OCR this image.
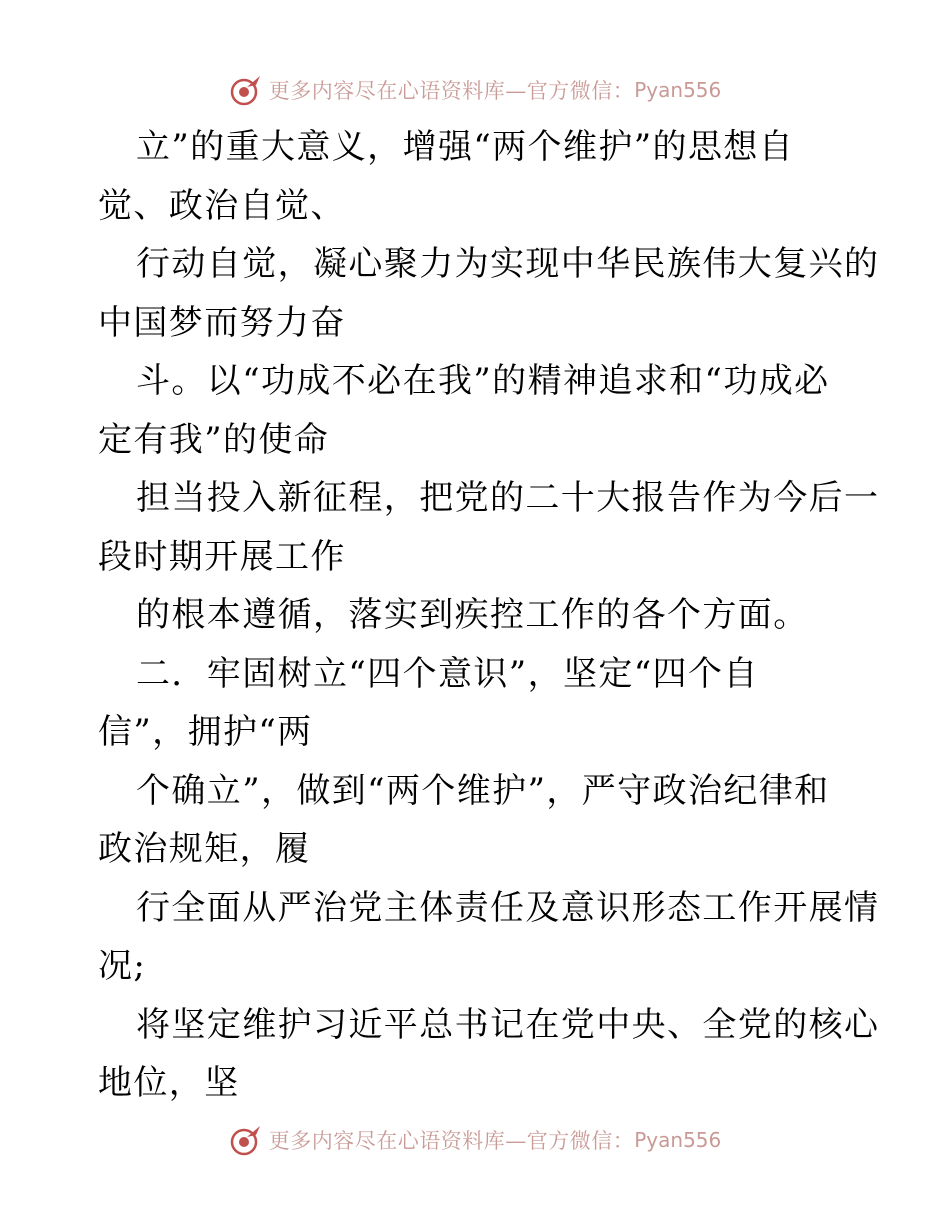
更多内容尽在心语资料库—官方微信： Pyan556
立”的重大意义，增强“两个维护”的思想自
觉、政治自觉、
行动自觉，凝心聚力为实现中华民族伟大复兴的
中国梦而努力奋
斗。以“功成不必在我”的精神追求和“功成必
定有我”的使命
担当投入新征程，把党的二十大报告作为今后一
段时期开展工作
的根本遵循，落实到疾控工作的各个方面。
二．牢固树立“四个意识”，坚定“四个自
信”，拥护“两
个确立”，做到“两个维护”，严守政治纪律和
政治规矩，履
行全面从严治党主体责任及意识形态工作开展情
况;
将坚定维护习近平总书记在党中央、全党的核心
地位，坚
更多内容尽在心语资料库—官方微信： Pyan556
